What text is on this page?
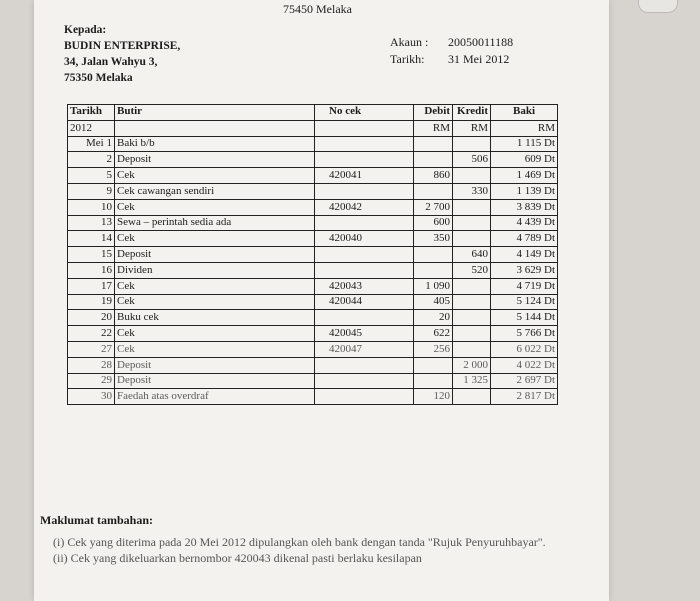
75450 Melaka
Kepada:
BUDIN ENTERPRISE,
34, Jalan Wahyu 3,
75350 Melaka
Akaun : 20050011188
Tarikh: 31 Mei 2012
Tarikh	Butir	No cek	Debit	Kredit	Baki
2012			RM	RM	RM
Mei 1	Baki b/b				1 115 Dt
2	Deposit			506	609 Dt
5	Cek	420041	860		1 469 Dt
9	Cek cawangan sendiri			330	1 139 Dt
10	Cek	420042	2 700		3 839 Dt
13	Sewa – perintah sedia ada		600		4 439 Dt
14	Cek	420040	350		4 789 Dt
15	Deposit			640	4 149 Dt
16	Dividen			520	3 629 Dt
17	Cek	420043	1 090		4 719 Dt
19	Cek	420044	405		5 124 Dt
20	Buku cek		20		5 144 Dt
22	Cek	420045	622		5 766 Dt
27	Cek	420047	256		6 022 Dt
28	Deposit			2 000	4 022 Dt
29	Deposit			1 325	2 697 Dt
30	Faedah atas overdraf		120		2 817 Dt
Maklumat tambahan:
(i) Cek yang diterima pada 20 Mei 2012 dipulangkan oleh bank dengan tanda "Rujuk Penyuruhbayar".
(ii) Cek yang dikeluarkan bernombor 420043 dikenal pasti berlaku kesilapan
